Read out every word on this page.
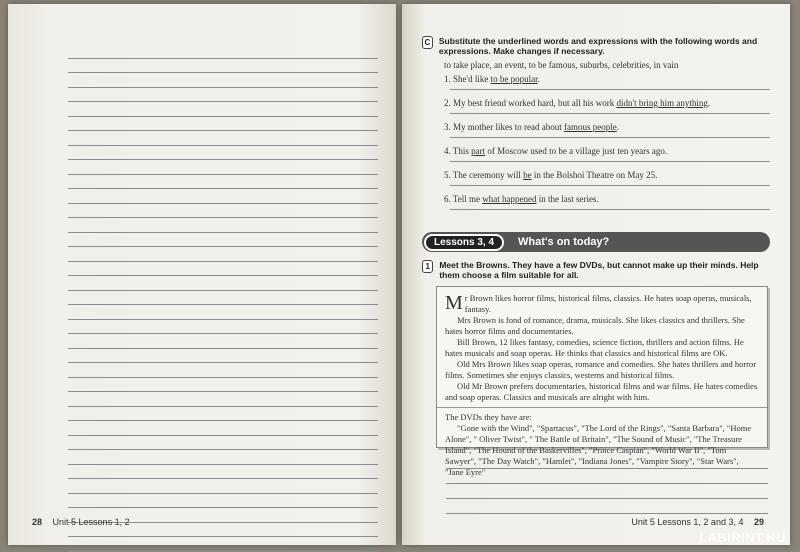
28 Unit 5 Lessons 1, 2
C Substitute the underlined words and expressions with the following words and expressions. Make changes if necessary.
to take place, an event, to be famous, suburbs, celebrities, in vain
1. She'd like to be popular.
2. My best friend worked hard, but all his work didn't bring him anything.
3. My mother likes to read about famous people.
4. This part of Moscow used to be a village just ten years ago.
5. The ceremony will be in the Bolshoi Theatre on May 25.
6. Tell me what happened in the last series.
Lessons 3, 4	What's on today?
1	Meet the Browns. They have a few DVDs, but cannot make up their minds. Help them choose a film suitable for all.

Mr Brown likes horror films, historical films, classics. He hates soap operas, musicals, fantasy.

Mrs Brown is fond of romance, drama, musicals. She likes classics and thrillers. She hates horror films and documentaries.

Bill Brown, 12 likes fantasy, comedies, science fiction, thrillers and action films. He hates musicals and soap operas. He thinks that classics and historical films are OK.

Old Mrs Brown likes soap operas, romance and comedies. She hates thrillers and horror films. Sometimes she enjoys classics, westerns and historical films.

Old Mr Brown prefers documentaries, historical films and war films. He hates comedies and soap operas. Classics and musicals are alright with him.

The DVDs they have are:

"Gone with the Wind", "Spartacus", "The Lord of the Rings", "Santa Barbara", "Home Alone", " Oliver Twist", " The Battle of Britain", "The Sound of Music", "The Treasure Island", "The Hound of the Baskervilles", "Prince Caspian", "World War II", "Tom Sawyer", "The Day Watch", "Hamlet", "Indiana Jones", "Vampire Story", "Star Wars", "Jane Eyre"

Unit 5 Lessons 1, 2 and 3, 4 29
LABIRINT.RU
